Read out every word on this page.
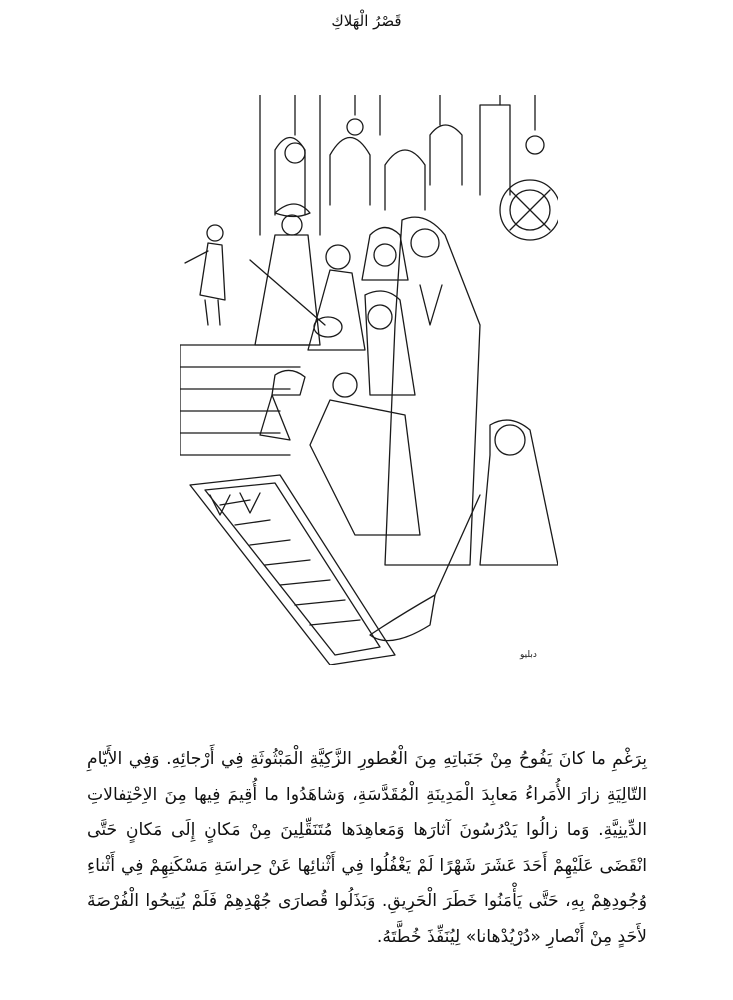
قَصْرُ الْهَلاكِ
ﺩﺑﻠﻴﻮ

بِرَغْمِ ما كانَ يَفُوحُ مِنْ جَنَباتِهِ مِنَ الْعُطورِ الزَّكِيَّةِ الْمَبْثُوثَةِ فِي أَرْجائِهِ. وَفِي الأَيّامِ التّالِيَةِ زارَ الأُمَراءُ مَعابِدَ الْمَدِينَةِ الْمُقَدَّسَةِ، وَشاهَدُوا ما أُقِيمَ فِيها مِنَ الاِحْتِفالاتِ الدِّينِيَّةِ. وَما زالُوا يَدْرُسُونَ آثارَها وَمَعاهِدَها مُتَنَقِّلِينَ مِنْ مَكانٍ إِلَى مَكانٍ حَتَّى انْقَضَى عَلَيْهِمْ أَحَدَ عَشَرَ شَهْرًا لَمْ يَغْفُلُوا فِي أَثْنائِها عَنْ حِراسَةِ مَسْكَنِهِمْ فِي أَثْناءِ وُجُودِهِمْ بِهِ، حَتَّى يَأْمَنُوا خَطَرَ الْحَرِيقِ. وَبَذَلُوا قُصارَى جُهْدِهِمْ فَلَمْ يُتِيحُوا الْفُرْصَةَ لأَحَدٍ مِنْ أَنْصارِ «دُرْيُدْهانا» لِيُنَفِّذَ خُطَّتَهُ.
